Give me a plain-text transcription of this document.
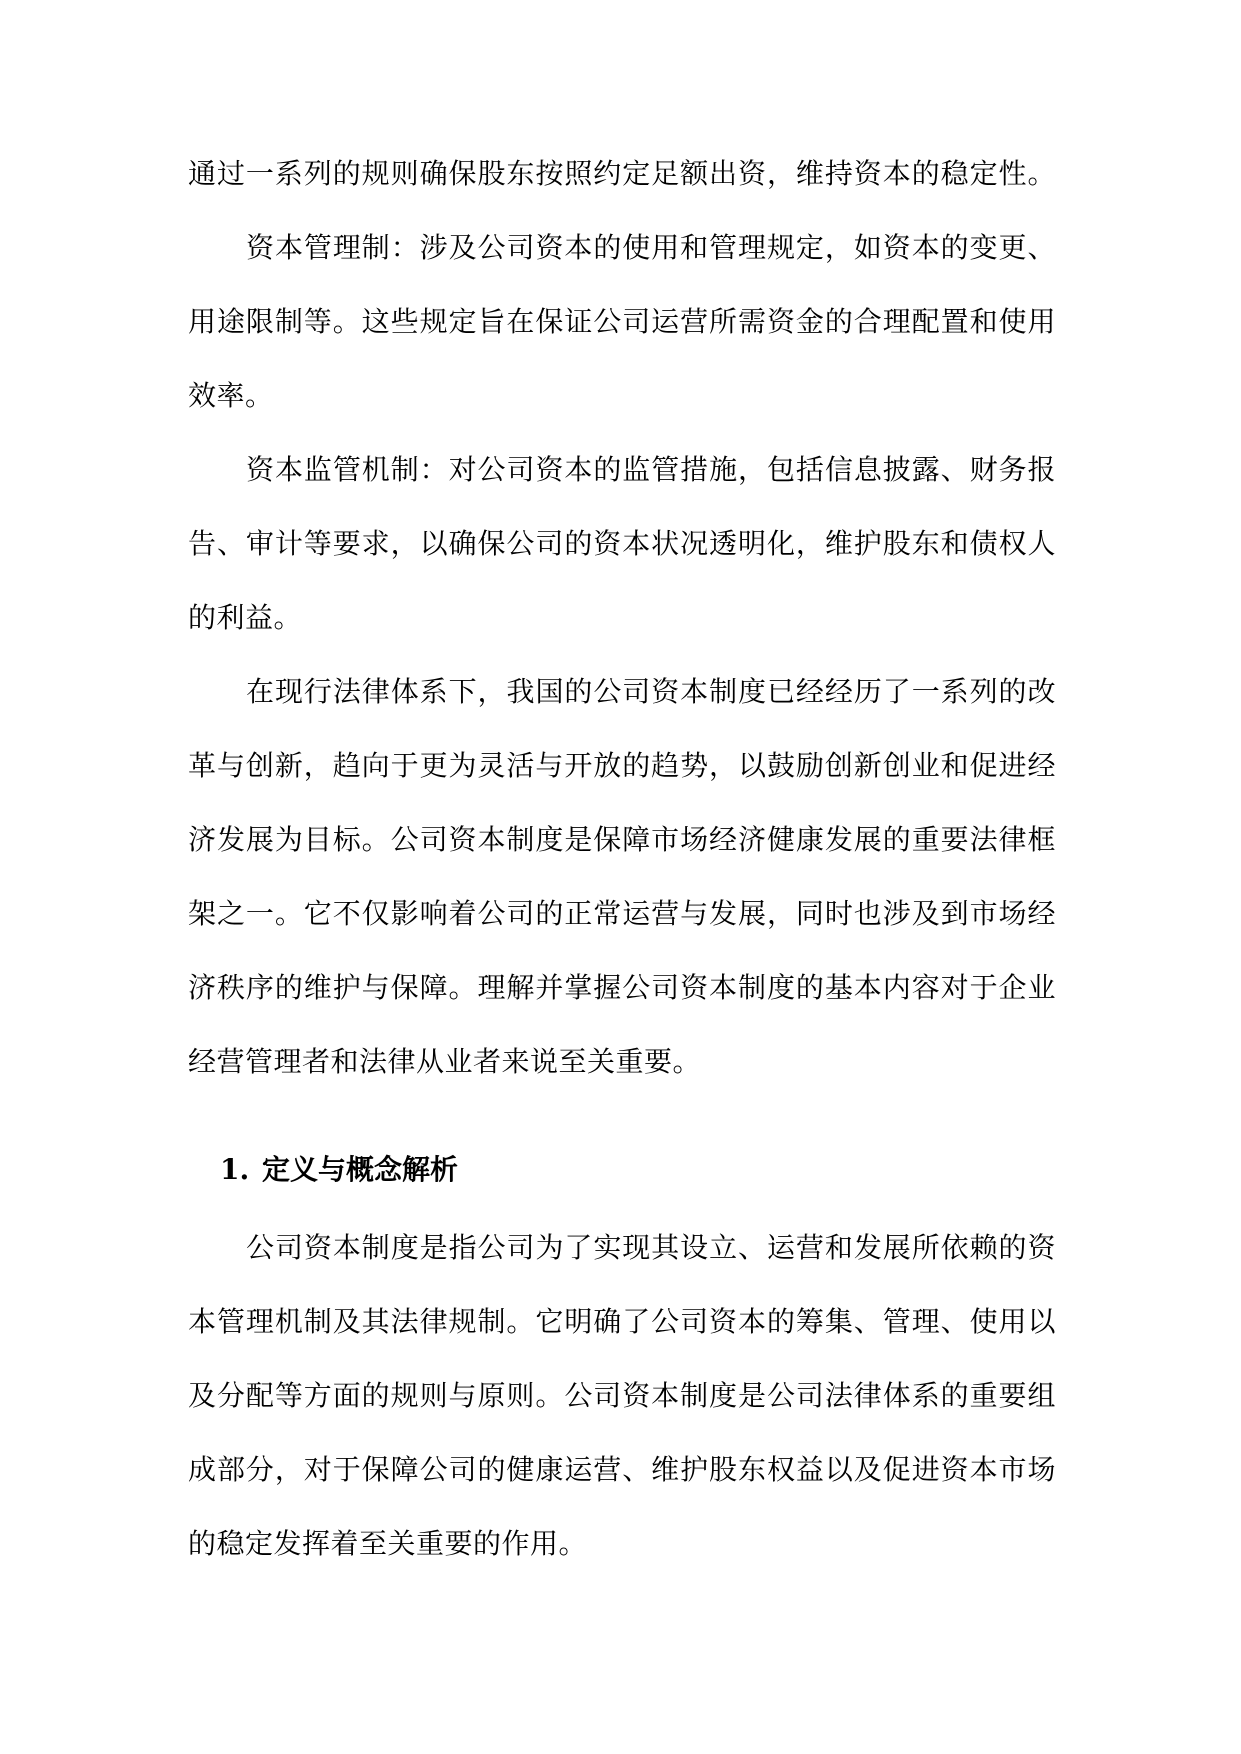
通过一系列的规则确保股东按照约定足额出资，维持资本的稳定性。
资本管理制：涉及公司资本的使用和管理规定，如资本的变更、
用途限制等。这些规定旨在保证公司运营所需资金的合理配置和使用
效率。
资本监管机制：对公司资本的监管措施，包括信息披露、财务报
告、审计等要求，以确保公司的资本状况透明化，维护股东和债权人
的利益。
在现行法律体系下，我国的公司资本制度已经经历了一系列的改
革与创新，趋向于更为灵活与开放的趋势，以鼓励创新创业和促进经
济发展为目标。公司资本制度是保障市场经济健康发展的重要法律框
架之一。它不仅影响着公司的正常运营与发展，同时也涉及到市场经
济秩序的维护与保障。理解并掌握公司资本制度的基本内容对于企业
经营管理者和法律从业者来说至关重要。
1. 定义与概念解析
公司资本制度是指公司为了实现其设立、运营和发展所依赖的资
本管理机制及其法律规制。它明确了公司资本的筹集、管理、使用以
及分配等方面的规则与原则。公司资本制度是公司法律体系的重要组
成部分，对于保障公司的健康运营、维护股东权益以及促进资本市场
的稳定发挥着至关重要的作用。
